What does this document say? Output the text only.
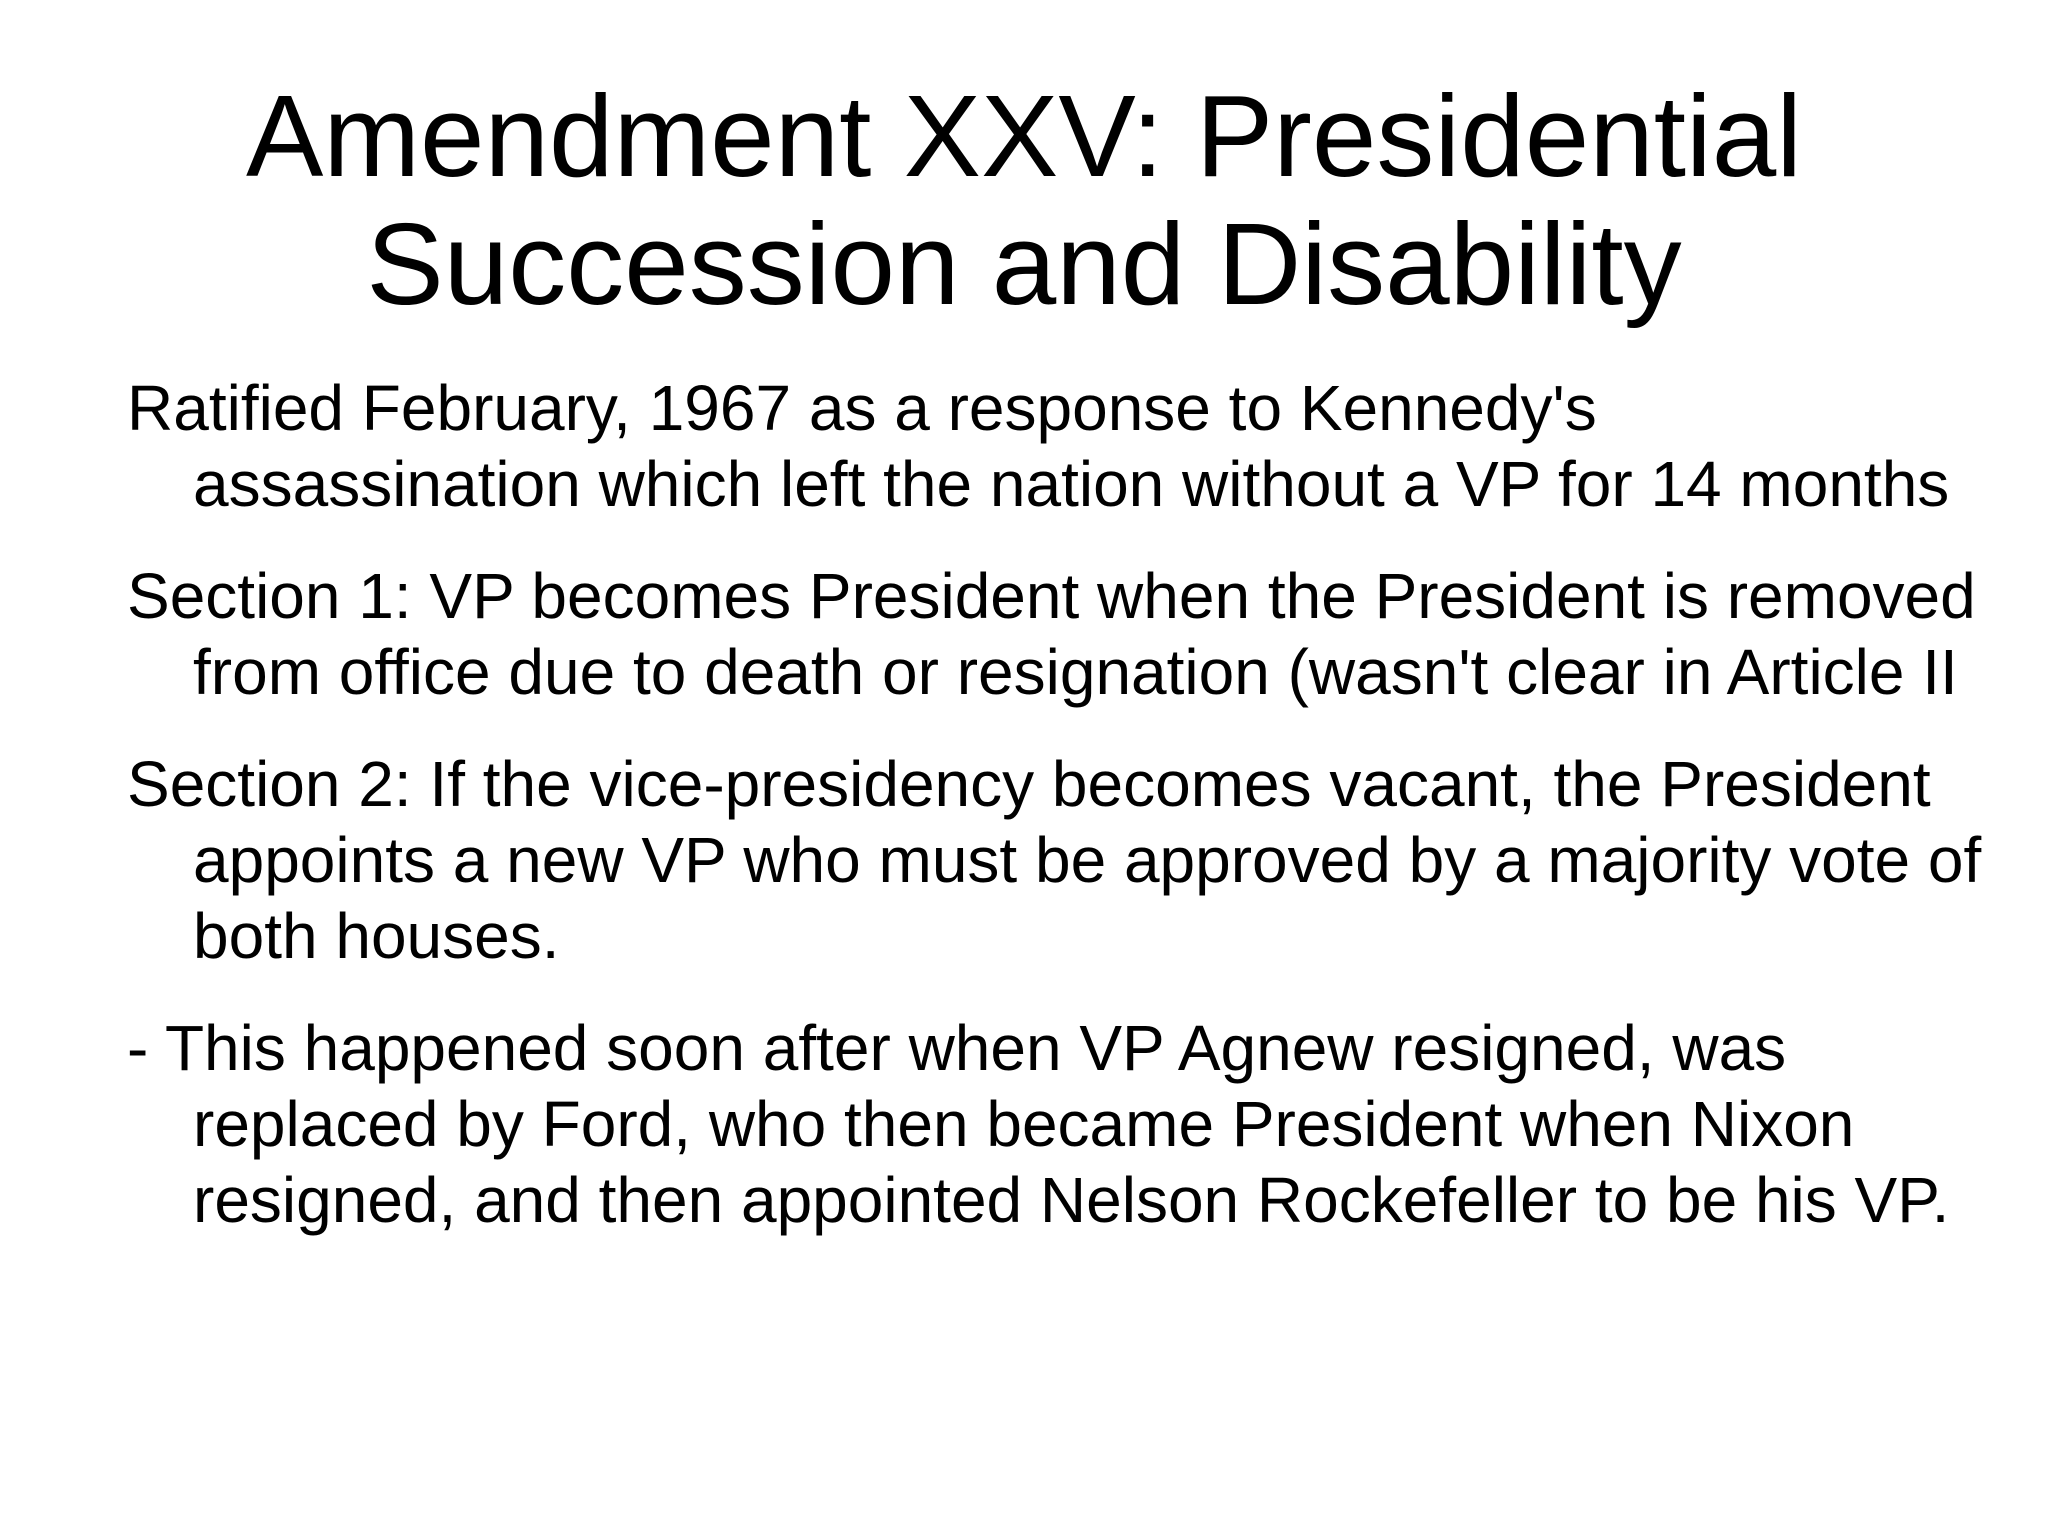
Amendment XXV: Presidential
Succession and Disability

Ratified February, 1967 as a response to Kennedy's assassination which left the nation without a VP for 14 months

Section 1: VP becomes President when the President is removed from office due to death or resignation (wasn't clear in Article II

Section 2: If the vice-presidency becomes vacant, the President appoints a new VP who must be approved by a majority vote of both houses.

- This happened soon after when VP Agnew resigned, was replaced by Ford, who then became President when Nixon resigned, and then appointed Nelson Rockefeller to be his VP.
